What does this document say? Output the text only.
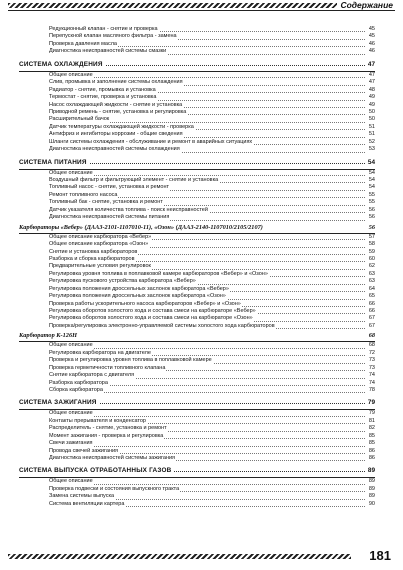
Содержание
Редукционный клапан - снятие и проверка	45
Перепускной клапан масляного фильтра - замена	45
Проверка давления масла	46
Диагностика неисправностей системы смазки	46
СИСТЕМА ОХЛАЖДЕНИЯ	47
Общее описание	47
Слив, промывка и заполнение системы охлаждения	47
Радиатор - снятие, промывка и установка	48
Термостат - снятие, проверка и установка	49
Насос охлаждающей жидкости - снятие и установка	49
Приводной ремень - снятие, установка и регулировка	50
Расширительный бачок	50
Датчик температуры охлаждающей жидкости - проверка	51
Антифриз и ингибиторы коррозии - общие сведения	51
Шланги системы охлаждения - обслуживание и ремонт в аварийных ситуациях	52
Диагностика неисправностей системы охлаждения	53
СИСТЕМА ПИТАНИЯ	54
Общее описание	54
Воздушный фильтр и фильтрующий элемент - снятие и установка	54
Топливный насос - снятие, установка и ремонт	54
Ремонт топливного насоса	55
Топливный бак - снятие, установка и ремонт	55
Датчик указателя количества топлива - поиск неисправностей	56
Диагностика неисправностей системы питания	56
Карбюраторы «Вебер» (ДААЗ-2101-1107010-11), «Озон» (ДААЗ-2140-1107010/2105/2107)	56
Общее описание карбюратора «Вебер»	57
Общее описание карбюратора «Озон»	58
Снятие и установка карбюраторов	59
Разборка и сборка карбюраторов	60
Предварительные условия регулировок	62
Регулировка уровня топлива в поплавковой камере карбюраторов «Вебер» и «Озон»	63
Регулировка пускового устройства карбюратора «Вебер»	63
Регулировка положения дроссельных заслонок карбюратора «Вебер»	64
Регулировка положения дроссельных заслонок карбюратора «Озон»	65
Проверка работы ускорительного насоса карбюраторов «Вебер» и «Озон»	66
Регулировка оборотов холостого хода и состава смеси на карбюраторе «Вебер»	66
Регулировка оборотов холостого хода и состава смеси на карбюраторе «Озон»	67
Проверка/регулировка электронно-управляемой системы холостого хода карбюраторов	67
Карбюратор К-126Н	68
Общее описание	68
Регулировка карбюратора на двигателе	72
Проверка и регулировка уровня топлива в поплавковой камере	73
Проверка герметичности топливного клапана	73
Снятие карбюратора с двигателя	74
Разборка карбюратора	74
Сборка карбюратора	78
СИСТЕМА ЗАЖИГАНИЯ	79
Общее описание	79
Контакты прерывателя и конденсатор	81
Распределитель - снятие, установка и ремонт	82
Момент зажигания - проверка и регулировка	85
Свечи зажигания	85
Провода свечей зажигания	86
Диагностика неисправностей системы зажигания	86
СИСТЕМА ВЫПУСКА ОТРАБОТАННЫХ ГАЗОВ	89
Общее описание	89
Проверка подвески и состояния выпускного тракта	89
Замена системы выпуска	89
Система вентиляции картера	90
181
